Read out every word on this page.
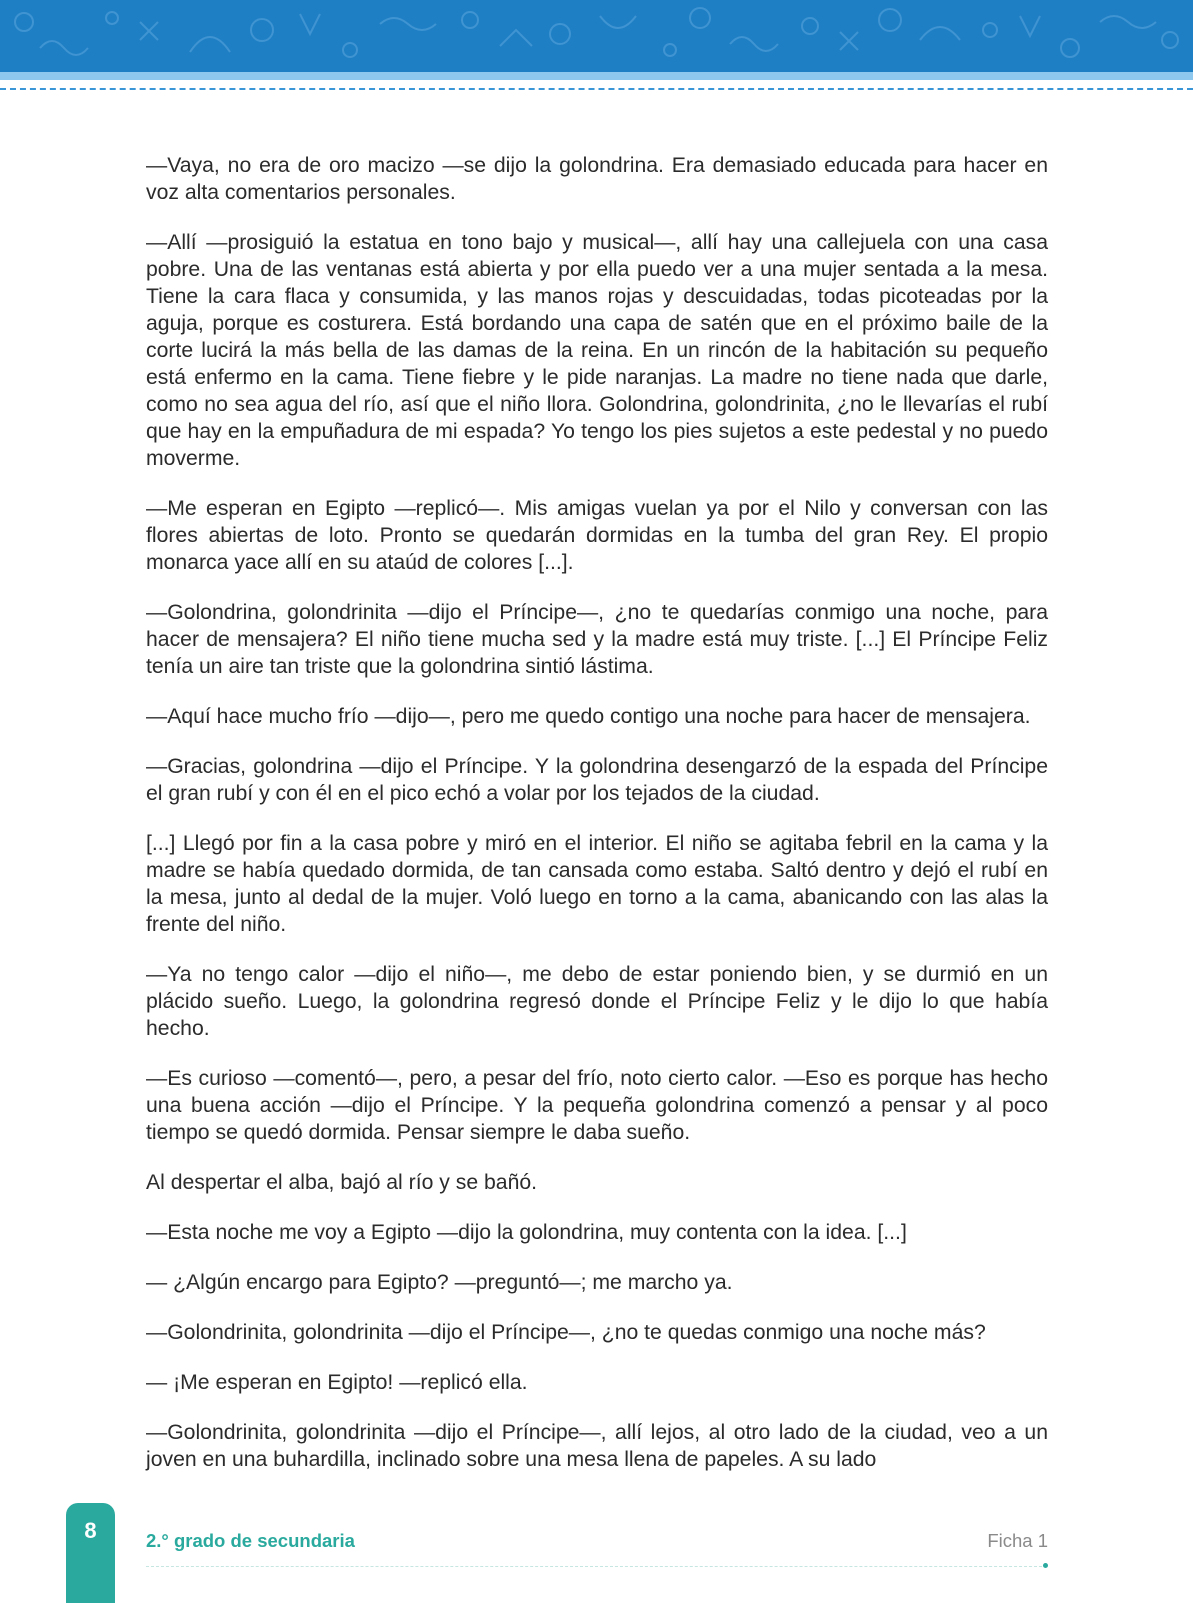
—Vaya, no era de oro macizo —se dijo la golondrina. Era demasiado educada para hacer en voz alta comentarios personales.

—Allí —prosiguió la estatua en tono bajo y musical—, allí hay una callejuela con una casa pobre. Una de las ventanas está abierta y por ella puedo ver a una mujer sentada a la mesa. Tiene la cara flaca y consumida, y las manos rojas y descuidadas, todas picoteadas por la aguja, porque es costurera. Está bordando una capa de satén que en el próximo baile de la corte lucirá la más bella de las damas de la reina. En un rincón de la habitación su pequeño está enfermo en la cama. Tiene fiebre y le pide naranjas. La madre no tiene nada que darle, como no sea agua del río, así que el niño llora. Golondrina, golondrinita, ¿no le llevarías el rubí que hay en la empuñadura de mi espada? Yo tengo los pies sujetos a este pedestal y no puedo moverme.

—Me esperan en Egipto —replicó—. Mis amigas vuelan ya por el Nilo y conversan con las flores abiertas de loto. Pronto se quedarán dormidas en la tumba del gran Rey. El propio monarca yace allí en su ataúd de colores [...].

—Golondrina, golondrinita —dijo el Príncipe—, ¿no te quedarías conmigo una noche, para hacer de mensajera? El niño tiene mucha sed y la madre está muy triste. [...] El Príncipe Feliz tenía un aire tan triste que la golondrina sintió lástima.

—Aquí hace mucho frío —dijo—, pero me quedo contigo una noche para hacer de mensajera.

—Gracias, golondrina —dijo el Príncipe. Y la golondrina desengarzó de la espada del Príncipe el gran rubí y con él en el pico echó a volar por los tejados de la ciudad.

[...] Llegó por fin a la casa pobre y miró en el interior. El niño se agitaba febril en la cama y la madre se había quedado dormida, de tan cansada como estaba. Saltó dentro y dejó el rubí en la mesa, junto al dedal de la mujer. Voló luego en torno a la cama, abanicando con las alas la frente del niño.

—Ya no tengo calor —dijo el niño—, me debo de estar poniendo bien, y se durmió en un plácido sueño. Luego, la golondrina regresó donde el Príncipe Feliz y le dijo lo que había hecho.

—Es curioso —comentó—, pero, a pesar del frío, noto cierto calor. —Eso es porque has hecho una buena acción —dijo el Príncipe. Y la pequeña golondrina comenzó a pensar y al poco tiempo se quedó dormida. Pensar siempre le daba sueño.

Al despertar el alba, bajó al río y se bañó.

—Esta noche me voy a Egipto —dijo la golondrina, muy contenta con la idea. [...]

— ¿Algún encargo para Egipto? —preguntó—; me marcho ya.

—Golondrinita, golondrinita —dijo el Príncipe—, ¿no te quedas conmigo una noche más?

— ¡Me esperan en Egipto! —replicó ella.

—Golondrinita, golondrinita —dijo el Príncipe—, allí lejos, al otro lado de la ciudad, veo a un joven en una buhardilla, inclinado sobre una mesa llena de papeles. A su lado

8	2.° grado de secundaria	Ficha 1
